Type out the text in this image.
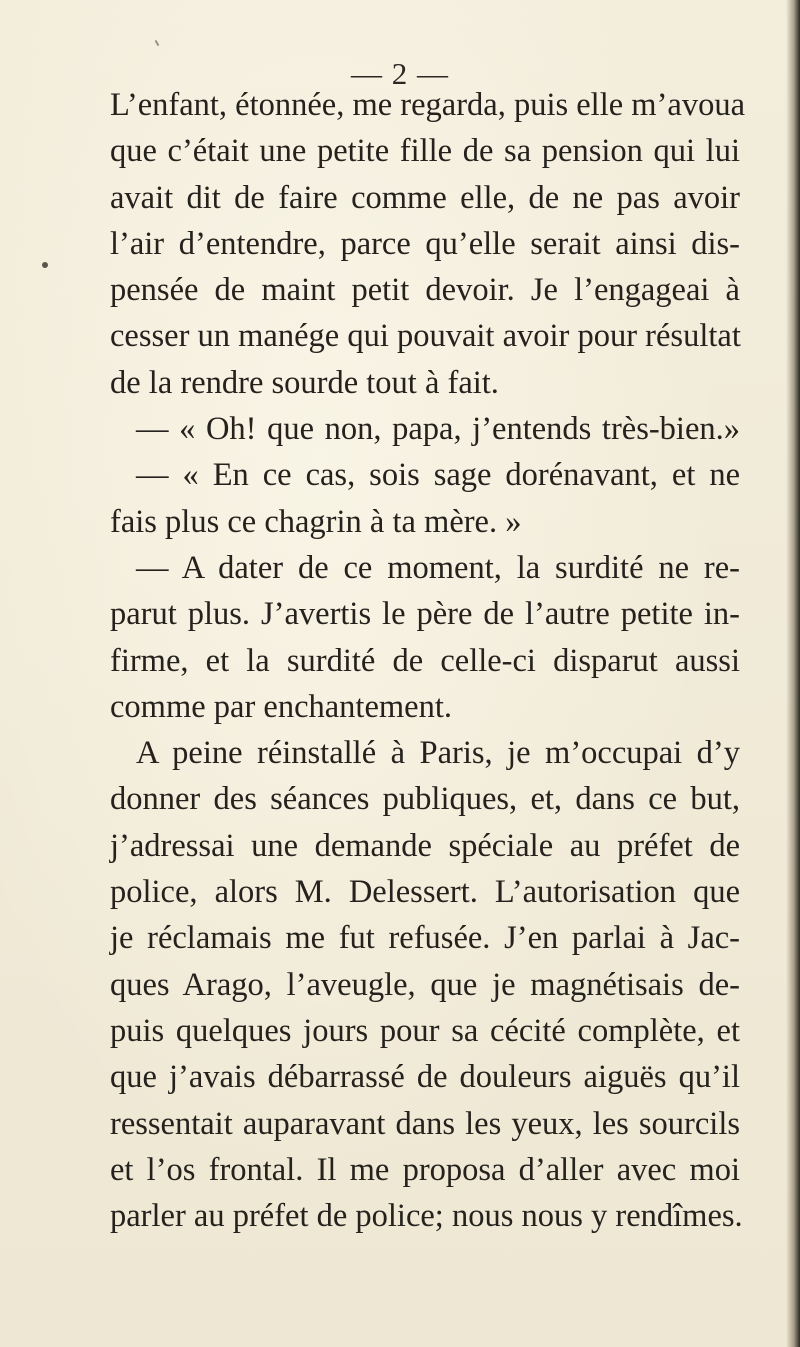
— 2 —

L’enfant, étonnée, me regarda, puis elle m’avoua

que c’était une petite fille de sa pension qui lui

avait dit de faire comme elle, de ne pas avoir

l’air d’entendre, parce qu’elle serait ainsi dis-

pensée de maint petit devoir. Je l’engageai à

cesser un manége qui pouvait avoir pour résultat

de la rendre sourde tout à fait.

— « Oh! que non, papa, j’entends très-bien.»

— « En ce cas, sois sage dorénavant, et ne

fais plus ce chagrin à ta mère. »

— A dater de ce moment, la surdité ne re-

parut plus. J’avertis le père de l’autre petite in-

firme, et la surdité de celle-ci disparut aussi

comme par enchantement.

A peine réinstallé à Paris, je m’occupai d’y

donner des séances publiques, et, dans ce but,

j’adressai une demande spéciale au préfet de

police, alors M. Delessert. L’autorisation que

je réclamais me fut refusée. J’en parlai à Jac-

ques Arago, l’aveugle, que je magnétisais de-

puis quelques jours pour sa cécité complète, et

que j’avais débarrassé de douleurs aiguës qu’il

ressentait auparavant dans les yeux, les sourcils

et l’os frontal. Il me proposa d’aller avec moi

parler au préfet de police; nous nous y rendîmes.
